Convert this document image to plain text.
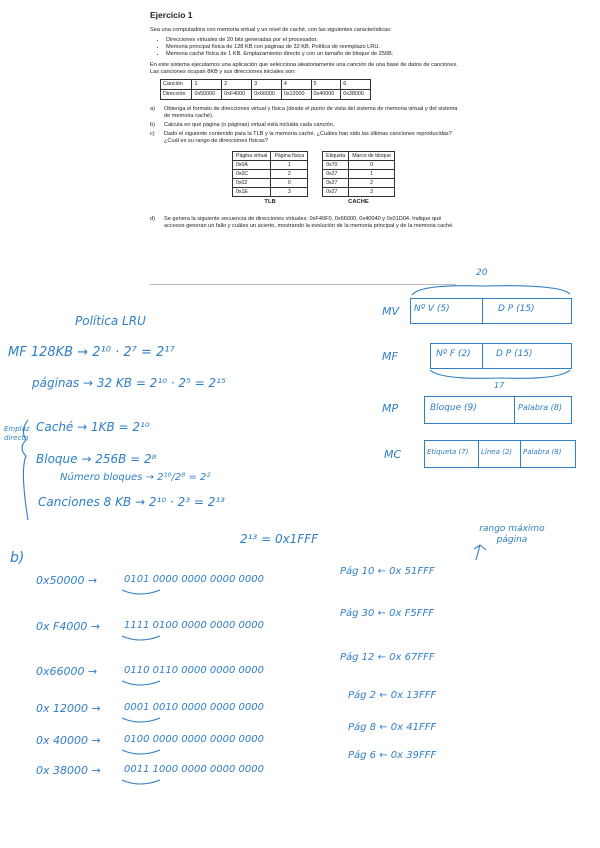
Ejercicio 1

Sea una computadora con memoria virtual y un nivel de caché, con las siguientes características:

• Direcciones virtuales de 20 bits generadas por el procesador.
• Memoria principal física de 128 KB con páginas de 32 KB. Política de reemplazo LRU.
• Memoria caché física de 1 KB. Emplazamiento directo y con un tamaño de bloque de 256B.

En este sistema ejecutamos una aplicación que selecciona aleatoriamente una canción de una base de datos de canciones. Las canciones ocupan 8KB y sus direcciones iniciales son:

Canción	1	2	3	4	5	6
Dirección	0x50000	0xF4000	0x66000	0x12000	0x40000	0x38000
a)	Obtenga el formato de direcciones virtual y física (desde el punto de vista del sistema de memoria virtual y del sistema de memoria caché).
b)	Calcula en qué página (o páginas) virtual está incluida cada canción.
c)	Dado el siguiente contenido para la TLB y la memoria caché. ¿Cuáles han sido las últimas canciones reproducidas? ¿Cuál es su rango de direcciones físicas?
TLB
Página virtual	Página física
0x0A	1
0x0C	2
0x02	0
0x1E	3
CACHE
Etiqueta	Marco de bloque
0x70	0
0x27	1
0x27	2
0x27	3
d)	Se genera la siguiente secuencia de direcciones virtuales: 0xF40F0, 0x66000, 0x40040 y 0x01D04. Indique qué accesos generan un fallo y cuáles un acierto, mostrando la evolución de la memoria principal y de la memoria caché.
Política LRU
MF 128KB → 2¹⁰ · 2⁷ = 2¹⁷
páginas → 32 KB = 2¹⁰ · 2⁵ = 2¹⁵
Emplaz directo
Caché → 1KB = 2¹⁰
Bloque → 256B = 2⁸
Número bloques → 2¹⁰/2⁸ = 2²
Canciones 8 KB → 2¹⁰ · 2³ = 2¹³
2¹³ = 0x1FFF
b)
rango máximo página
0x50000 →	0101 0000 0000 0000 0000
Pág 10 ← 0x 51FFF
0x F4000 → 1111 0100 0000 0000 0000
Pág 30 ← 0x F5FFF
0x66000 →	0110 0110 0000 0000 0000
Pág 12 ← 0x 67FFF
0x 12000 → 0001 0010 0000 0000 0000
Pág 2 ← 0x 13FFF
0x 40000 → 0100 0000 0000 0000 0000
Pág 8 ← 0x 41FFF
0x 38000 → 0011 1000 0000 0000 0000
Pág 6 ← 0x 39FFF
MV Nº V (5)	D P (15)
20
MF	Nº F (2)	D P (15)
17
MP	Bloque (9)	Palabra (8)
MC	Etiqueta (7) Línea (2) Palabra (8)
